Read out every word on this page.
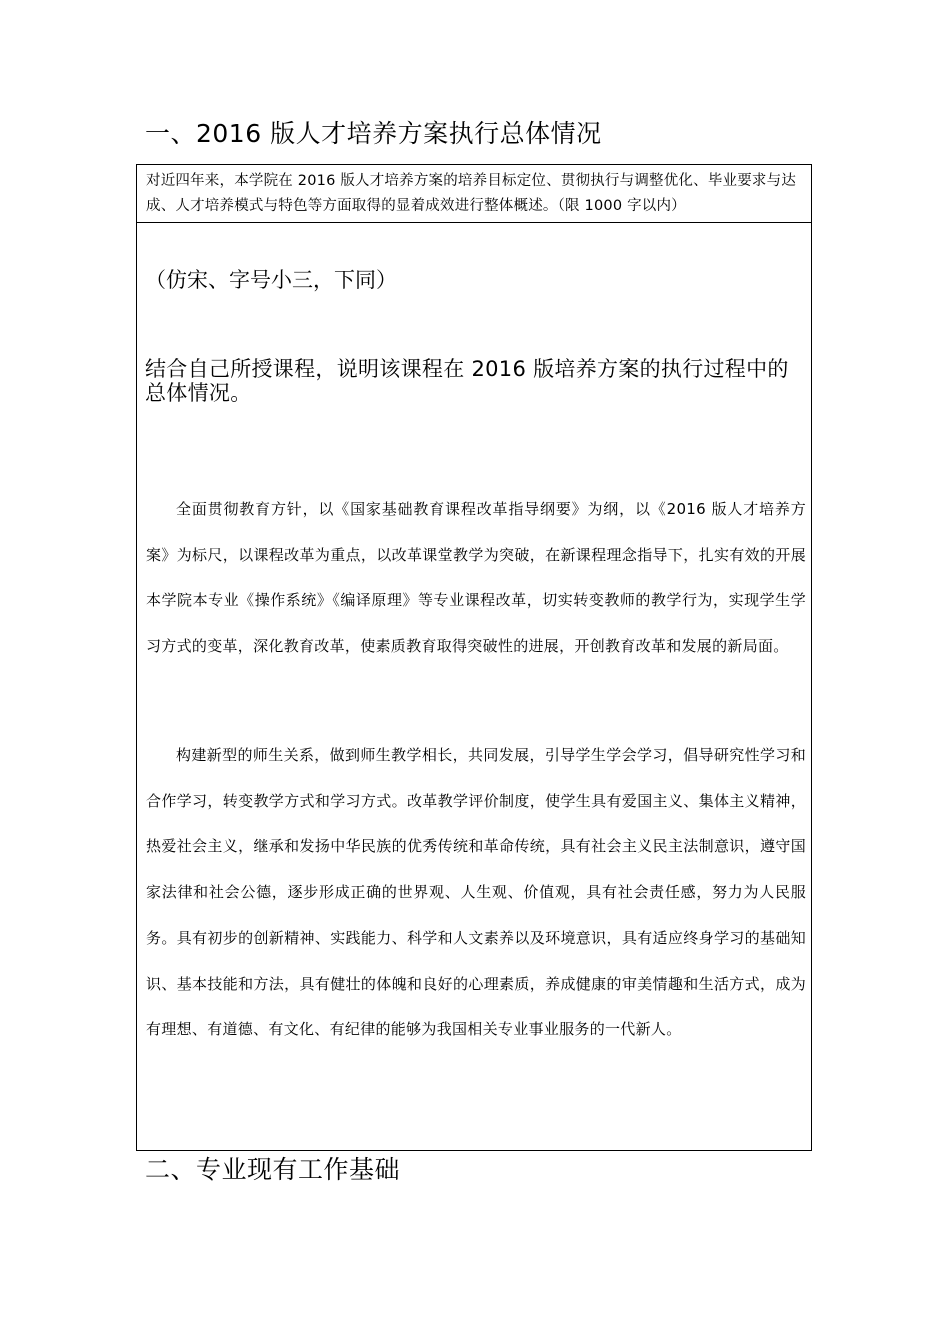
一、2016 版人才培养方案执行总体情况
对近四年来，本学院在 2016 版人才培养方案的培养目标定位、贯彻执行与调整优化、毕业要求与达成、人才培养模式与特色等方面取得的显着成效进行整体概述。（限 1000 字以内）
（仿宋、字号小三，下同）
结合自己所授课程，说明该课程在 2016 版培养方案的执行过程中的总体情况。
全面贯彻教育方针，以《国家基础教育课程改革指导纲要》为纲，以《2016 版人才培养方案》为标尺，以课程改革为重点，以改革课堂教学为突破，在新课程理念指导下，扎实有效的开展本学院本专业《操作系统》《编译原理》等专业课程改革，切实转变教师的教学行为，实现学生学习方式的变革，深化教育改革，使素质教育取得突破性的进展，开创教育改革和发展的新局面。
构建新型的师生关系，做到师生教学相长，共同发展，引导学生学会学习，倡导研究性学习和合作学习，转变教学方式和学习方式。改革教学评价制度，使学生具有爱国主义、集体主义精神，热爱社会主义，继承和发扬中华民族的优秀传统和革命传统，具有社会主义民主法制意识，遵守国家法律和社会公德，逐步形成正确的世界观、人生观、价值观，具有社会责任感，努力为人民服务。具有初步的创新精神、实践能力、科学和人文素养以及环境意识，具有适应终身学习的基础知识、基本技能和方法，具有健壮的体魄和良好的心理素质，养成健康的审美情趣和生活方式，成为有理想、有道德、有文化、有纪律的能够为我国相关专业事业服务的一代新人。
二、专业现有工作基础
